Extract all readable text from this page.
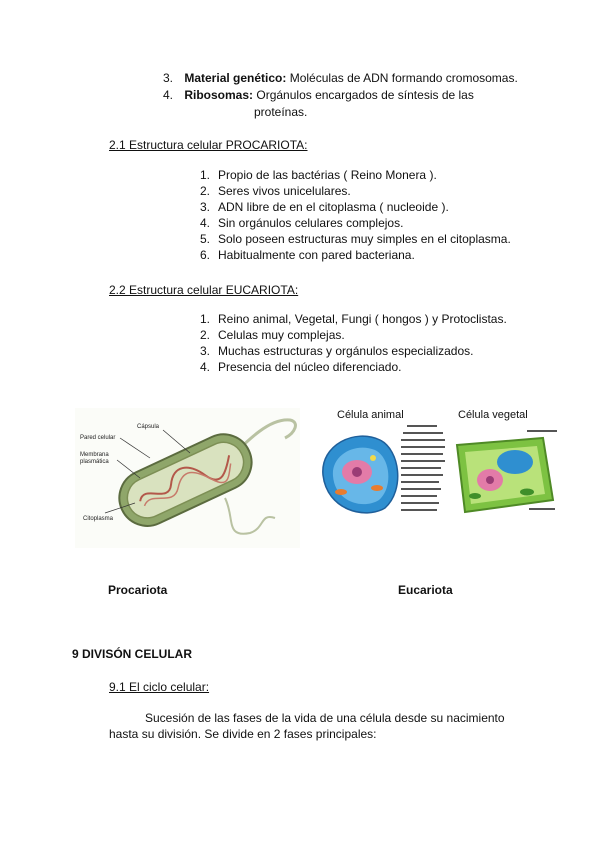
3. Material genético: Moléculas de ADN formando cromosomas.
4. Ribosomas: Orgánulos encargados de síntesis de las
proteínas.
2.1 Estructura celular PROCARIOTA:
1. Propio de las bactérias ( Reino Monera ).
2. Seres vivos unicelulares.
3. ADN libre de en el citoplasma ( nucleoide ).
4. Sin orgánulos celulares complejos.
5. Solo poseen estructuras muy simples en el citoplasma.
6. Habitualmente con pared bacteriana.
2.2 Estructura celular EUCARIOTA:
1. Reino animal, Vegetal, Fungi ( hongos ) y Protoclistas.
2. Celulas muy complejas.
3. Muchas estructuras y orgánulos especializados.
4. Presencia del núcleo diferenciado.
Cápsula
Pared celular
Membrana
plasmática
Citoplasma
Célula animal	Célula vegetal
Procariota	Eucariota
9 DIVISÓN CELULAR
9.1 El ciclo celular:
Sucesión de las fases de la vida de una célula desde su nacimiento
hasta su división. Se divide en 2 fases principales:
